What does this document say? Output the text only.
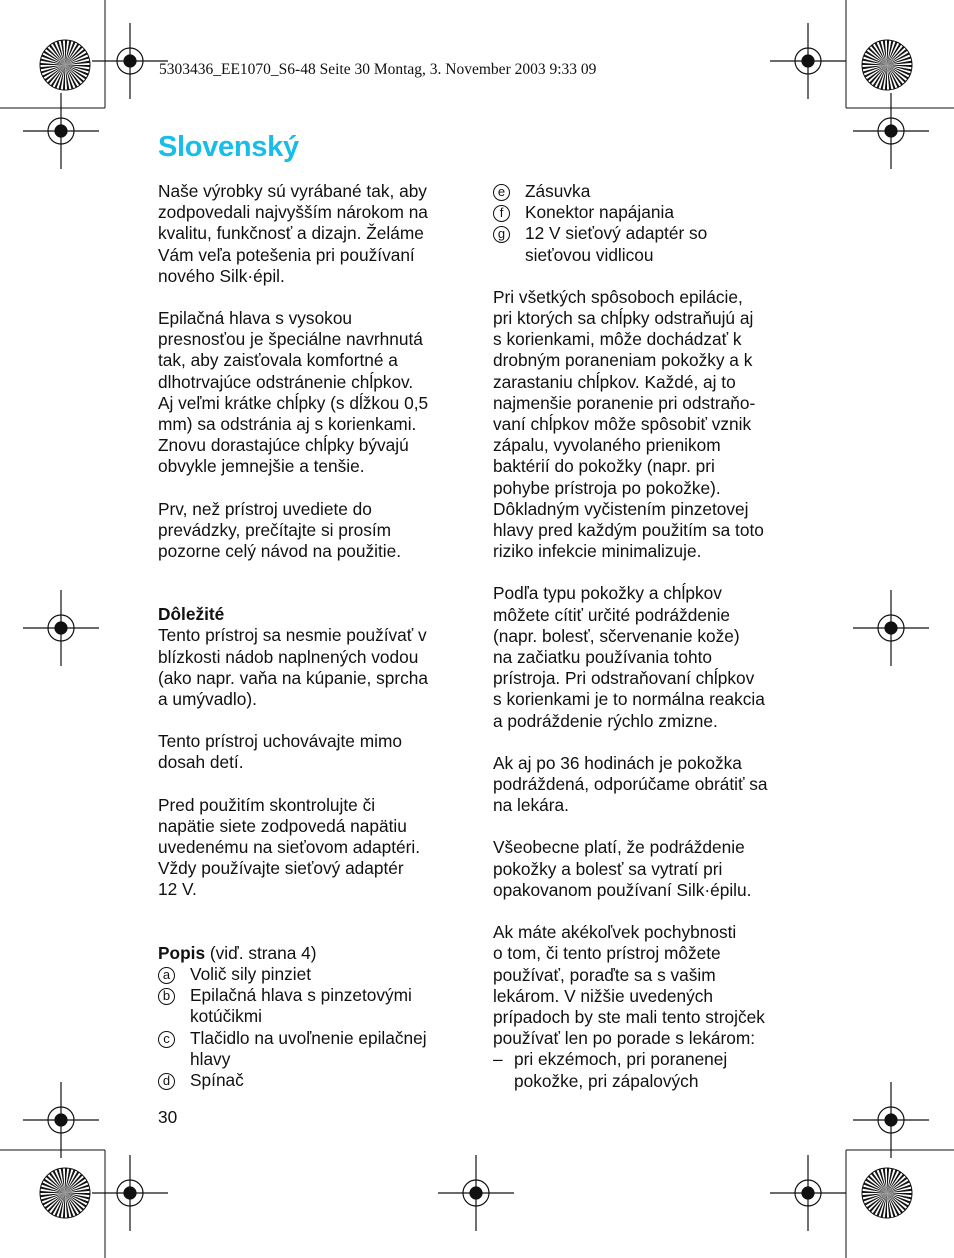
5303436_EE1070_S6-48 Seite 30 Montag, 3. November 2003 9:33 09
Slovenský

Naše výrobky sú vyrábané tak, aby
zodpovedali najvyšším nárokom na
kvalitu, funkčnosť a dizajn. Želáme
Vám veľa potešenia pri používaní
nového Silk·épil.

Epilačná hlava s vysokou
presnosťou je špeciálne navrhnutá
tak, aby zaisťovala komfortné a
dlhotrvajúce odstránenie chĺpkov.
Aj veľmi krátke chĺpky (s dĺžkou 0,5
mm) sa odstránia aj s korienkami.
Znovu dorastajúce chĺpky bývajú
obvykle jemnejšie a tenšie.

Prv, než prístroj uvediete do
prevádzky, prečítajte si prosím
pozorne celý návod na použitie.

Dôležité

Tento prístroj sa nesmie používať v
blízkosti nádob naplnených vodou
(ako napr. vaňa na kúpanie, sprcha
a umývadlo).

Tento prístroj uchovávajte mimo
dosah detí.

Pred použitím skontrolujte či
napätie siete zodpovedá napätiu
uvedenému na sieťovom adaptéri.
Vždy používajte sieťový adaptér
12 V.

Popis (viď. strana 4)

a Volič sily pinziet
b Epilačná hlava s pinzetovými
kotúčikmi
c	Tlačidlo na uvoľnenie epilačnej
hlavy
d Spínač
e Zásuvka
f	Konektor napájania
g 12 V sieťový adaptér so
sieťovou vidlicou

Pri všetkých spôsoboch epilácie,
pri ktorých sa chĺpky odstraňujú aj
s korienkami, môže dochádzať k
drobným poraneniam pokožky a k
zarastaniu chĺpkov. Každé, aj to
najmenšie poranenie pri odstraňo-
vaní chĺpkov môže spôsobiť vznik
zápalu, vyvolaného prienikom
baktérií do pokožky (napr. pri
pohybe prístroja po pokožke).
Dôkladným vyčistením pinzetovej
hlavy pred každým použitím sa toto
riziko infekcie minimalizuje.

Podľa typu pokožky a chĺpkov
môžete cítiť určité podráždenie
(napr. bolesť, sčervenanie kože)
na začiatku používania tohto
prístroja. Pri odstraňovaní chĺpkov
s korienkami je to normálna reakcia
a podráždenie rýchlo zmizne.

Ak aj po 36 hodinách je pokožka
podráždená, odporúčame obrátiť sa
na lekára.

Všeobecne platí, že podráždenie
pokožky a bolesť sa vytratí pri
opakovanom používaní Silk·épilu.

Ak máte akékoľvek pochybnosti
o tom, či tento prístroj môžete
používať, poraďte sa s vašim
lekárom. V nižšie uvedených
prípadoch by ste mali tento strojček
používať len po porade s lekárom:

– pri ekzémoch, pri poranenej
pokožke, pri zápalových
30
